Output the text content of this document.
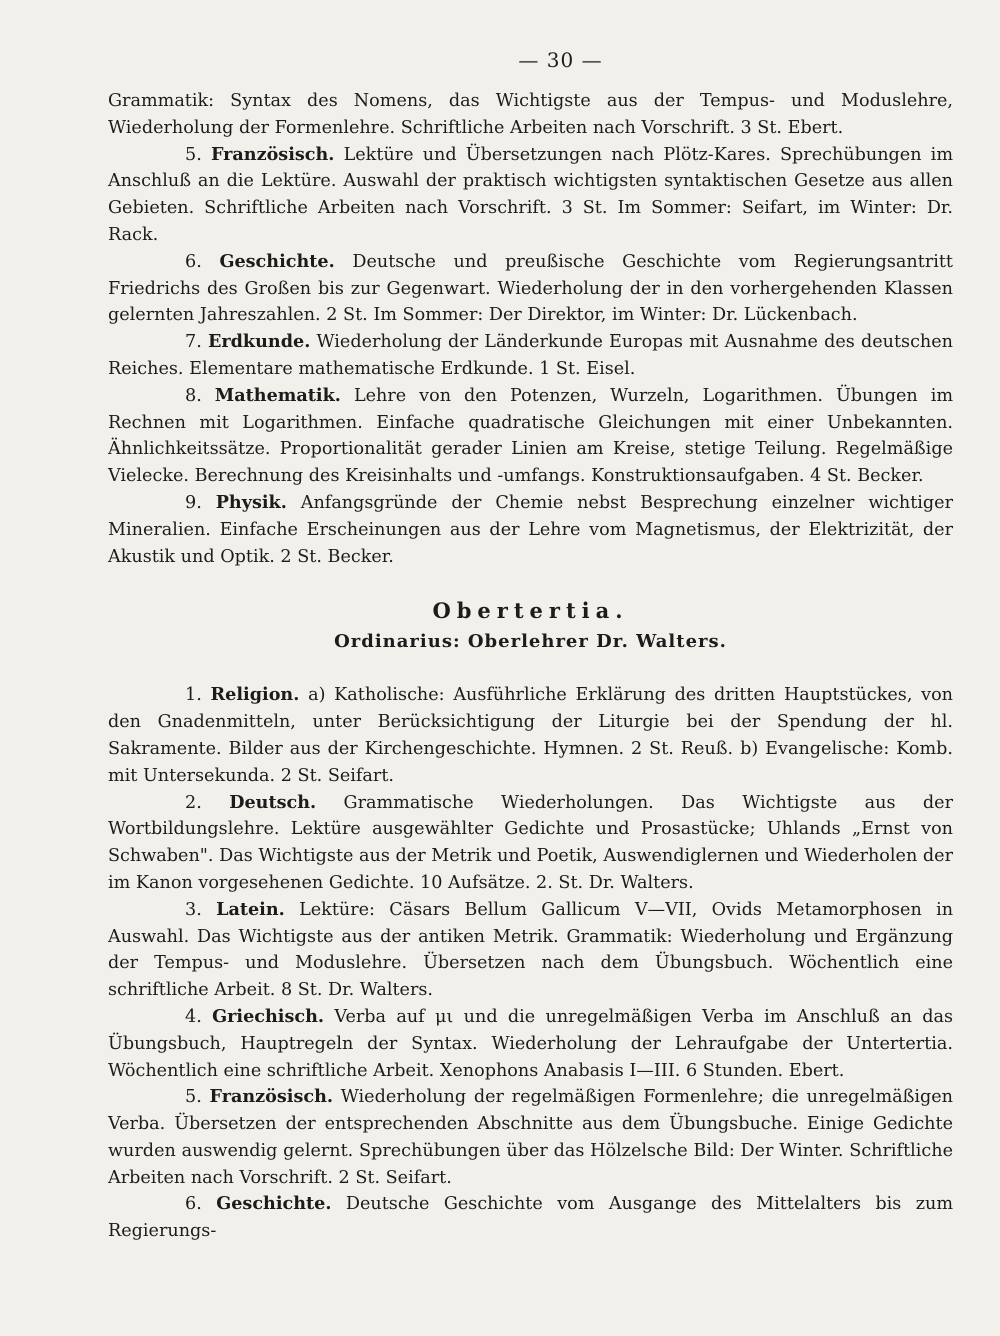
— 30 —

Grammatik: Syntax des Nomens, das Wichtigste aus der Tempus- und Moduslehre, Wiederholung der Formenlehre. Schriftliche Arbeiten nach Vorschrift. 3 St. Ebert.

5. Französisch. Lektüre und Übersetzungen nach Plötz-Kares. Sprechübungen im Anschluß an die Lektüre. Auswahl der praktisch wichtigsten syntaktischen Gesetze aus allen Gebieten. Schriftliche Arbeiten nach Vorschrift. 3 St. Im Sommer: Seifart, im Winter: Dr. Rack.

6. Geschichte. Deutsche und preußische Geschichte vom Regierungsantritt Friedrichs des Großen bis zur Gegenwart. Wiederholung der in den vorhergehenden Klassen gelernten Jahreszahlen. 2 St. Im Sommer: Der Direktor, im Winter: Dr. Lückenbach.

7. Erdkunde. Wiederholung der Länderkunde Europas mit Ausnahme des deutschen Reiches. Elementare mathematische Erdkunde. 1 St. Eisel.

8. Mathematik. Lehre von den Potenzen, Wurzeln, Logarithmen. Übungen im Rechnen mit Logarithmen. Einfache quadratische Gleichungen mit einer Unbekannten. Ähnlichkeitssätze. Proportionalität gerader Linien am Kreise, stetige Teilung. Regelmäßige Vielecke. Berechnung des Kreisinhalts und -umfangs. Konstruktionsaufgaben. 4 St. Becker.

9. Physik. Anfangsgründe der Chemie nebst Besprechung einzelner wichtiger Mineralien. Einfache Erscheinungen aus der Lehre vom Magnetismus, der Elektrizität, der Akustik und Optik. 2 St. Becker.

Obertertia.
Ordinarius: Oberlehrer Dr. Walters.

1. Religion. a) Katholische: Ausführliche Erklärung des dritten Hauptstückes, von den Gnadenmitteln, unter Berücksichtigung der Liturgie bei der Spendung der hl. Sakramente. Bilder aus der Kirchengeschichte. Hymnen. 2 St. Reuß. b) Evangelische: Komb. mit Untersekunda. 2 St. Seifart.

2. Deutsch. Grammatische Wiederholungen. Das Wichtigste aus der Wortbildungslehre. Lektüre ausgewählter Gedichte und Prosastücke; Uhlands „Ernst von Schwaben". Das Wichtigste aus der Metrik und Poetik, Auswendiglernen und Wiederholen der im Kanon vorgesehenen Gedichte. 10 Aufsätze. 2. St. Dr. Walters.

3. Latein. Lektüre: Cäsars Bellum Gallicum V—VII, Ovids Metamorphosen in Auswahl. Das Wichtigste aus der antiken Metrik. Grammatik: Wiederholung und Ergänzung der Tempus- und Moduslehre. Übersetzen nach dem Übungsbuch. Wöchentlich eine schriftliche Arbeit. 8 St. Dr. Walters.

4. Griechisch. Verba auf μι und die unregelmäßigen Verba im Anschluß an das Übungsbuch, Hauptregeln der Syntax. Wiederholung der Lehraufgabe der Untertertia. Wöchentlich eine schriftliche Arbeit. Xenophons Anabasis I—III. 6 Stunden. Ebert.

5. Französisch. Wiederholung der regelmäßigen Formenlehre; die unregelmäßigen Verba. Übersetzen der entsprechenden Abschnitte aus dem Übungsbuche. Einige Gedichte wurden auswendig gelernt. Sprechübungen über das Hölzelsche Bild: Der Winter. Schriftliche Arbeiten nach Vorschrift. 2 St. Seifart.

6. Geschichte. Deutsche Geschichte vom Ausgange des Mittelalters bis zum Regierungs-
